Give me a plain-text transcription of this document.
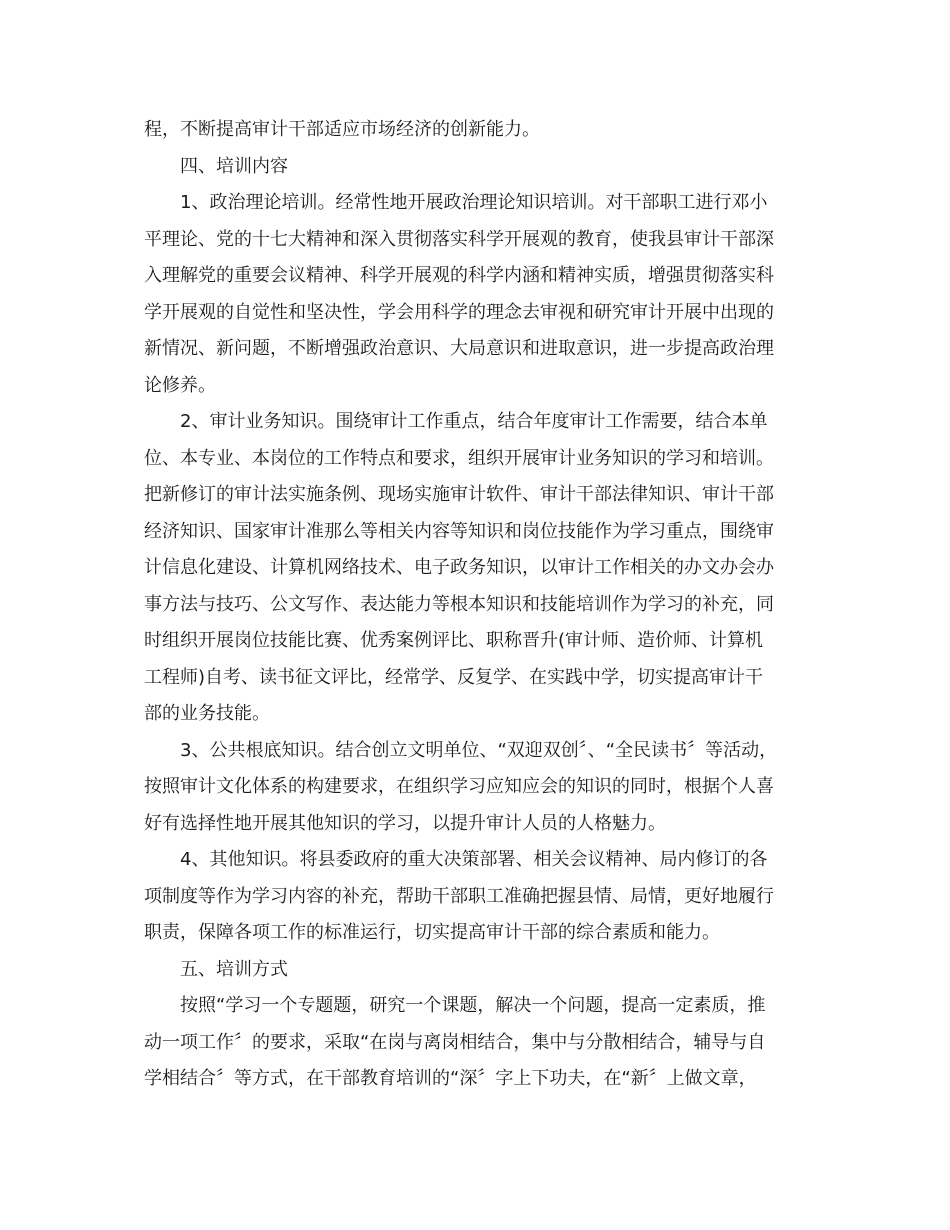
程，不断提高审计干部适应市场经济的创新能力。
四、培训内容
1、政治理论培训。经常性地开展政治理论知识培训。对干部职工进行邓小
平理论、党的十七大精神和深入贯彻落实科学开展观的教育，使我县审计干部深
入理解党的重要会议精神、科学开展观的科学内涵和精神实质，增强贯彻落实科
学开展观的自觉性和坚决性，学会用科学的理念去审视和研究审计开展中出现的
新情况、新问题，不断增强政治意识、大局意识和进取意识，进一步提高政治理
论修养。
2、审计业务知识。围绕审计工作重点，结合年度审计工作需要，结合本单
位、本专业、本岗位的工作特点和要求，组织开展审计业务知识的学习和培训。
把新修订的审计法实施条例、现场实施审计软件、审计干部法律知识、审计干部
经济知识、国家审计准那么等相关内容等知识和岗位技能作为学习重点，围绕审
计信息化建设、计算机网络技术、电子政务知识，以审计工作相关的办文办会办
事方法与技巧、公文写作、表达能力等根本知识和技能培训作为学习的补充，同
时组织开展岗位技能比赛、优秀案例评比、职称晋升(审计师、造价师、计算机
工程师)自考、读书征文评比，经常学、反复学、在实践中学，切实提高审计干
部的业务技能。
3、公共根底知识。结合创立文明单位、“双迎双创〞、“全民读书〞等活动，
按照审计文化体系的构建要求，在组织学习应知应会的知识的同时，根据个人喜
好有选择性地开展其他知识的学习，以提升审计人员的人格魅力。
4、其他知识。将县委政府的重大决策部署、相关会议精神、局内修订的各
项制度等作为学习内容的补充，帮助干部职工准确把握县情、局情，更好地履行
职责，保障各项工作的标准运行，切实提高审计干部的综合素质和能力。
五、培训方式
按照“学习一个专题题，研究一个课题，解决一个问题，提高一定素质，推
动一项工作〞的要求，采取“在岗与离岗相结合，集中与分散相结合，辅导与自
学相结合〞等方式，在干部教育培训的“深〞字上下功夫，在“新〞上做文章，
